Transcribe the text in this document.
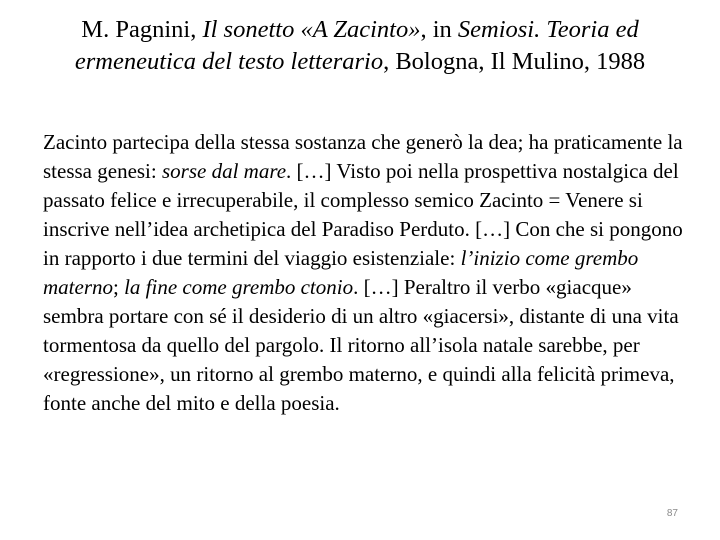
M. Pagnini, Il sonetto «A Zacinto», in Semiosi. Teoria ed ermeneutica del testo letterario, Bologna, Il Mulino, 1988

Zacinto partecipa della stessa sostanza che generò la dea; ha praticamente la stessa genesi: sorse dal mare. […] Visto poi nella prospettiva nostalgica del passato felice e irrecuperabile, il complesso semico Zacinto = Venere si inscrive nell’idea archetipica del Paradiso Perduto. […] Con che si pongono in rapporto i due termini del viaggio esistenziale: l’inizio come grembo materno; la fine come grembo ctonio. […] Peraltro il verbo «giacque» sembra portare con sé il desiderio di un altro «giacersi», distante di una vita tormentosa da quello del pargolo. Il ritorno all’isola natale sarebbe, per «regressione», un ritorno al grembo materno, e quindi alla felicità primeva, fonte anche del mito e della poesia.

87
